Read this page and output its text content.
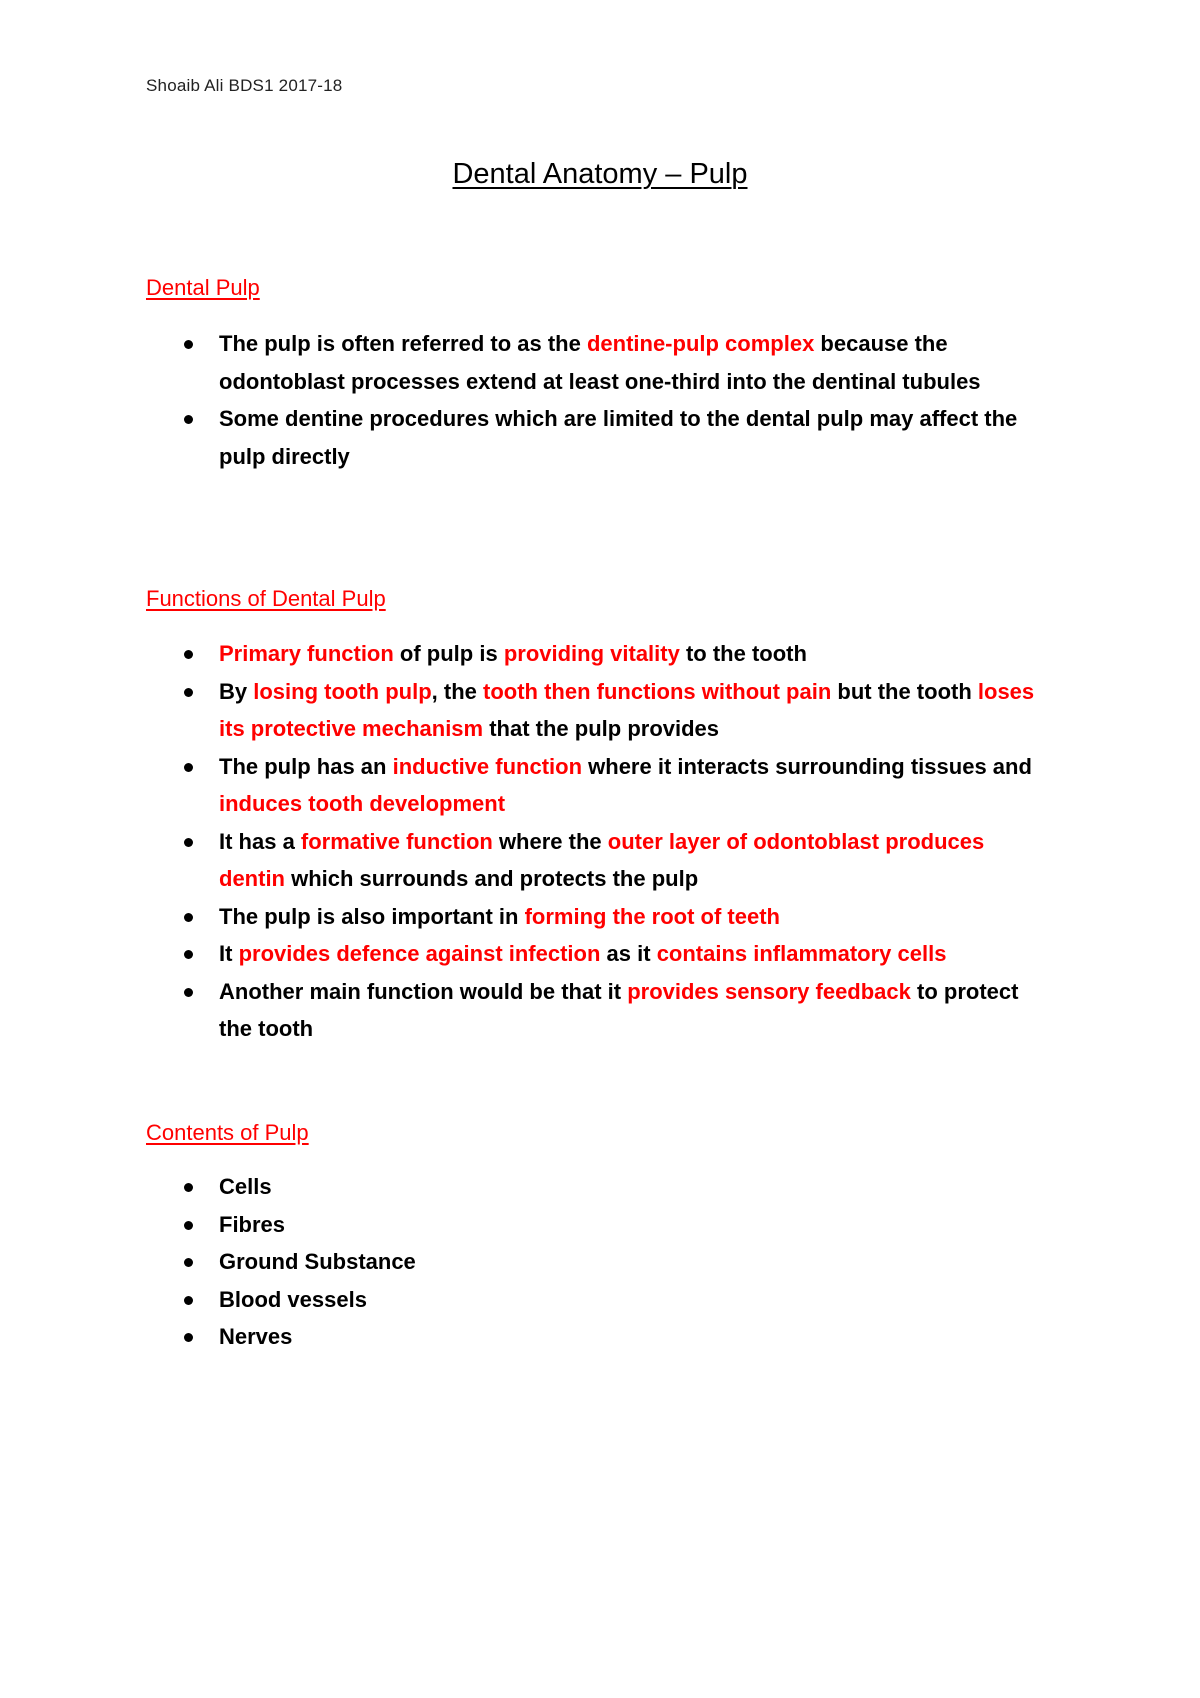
Shoaib Ali BDS1 2017-18
Dental Anatomy – Pulp
Dental Pulp
The pulp is often referred to as the dentine-pulp complex because the odontoblast processes extend at least one-third into the dentinal tubules
Some dentine procedures which are limited to the dental pulp may affect the pulp directly
Functions of Dental Pulp
Primary function of pulp is providing vitality to the tooth
By losing tooth pulp, the tooth then functions without pain but the tooth loses its protective mechanism that the pulp provides
The pulp has an inductive function where it interacts surrounding tissues and induces tooth development
It has a formative function where the outer layer of odontoblast produces dentin which surrounds and protects the pulp
The pulp is also important in forming the root of teeth
It provides defence against infection as it contains inflammatory cells
Another main function would be that it provides sensory feedback to protect the tooth
Contents of Pulp
Cells
Fibres
Ground Substance
Blood vessels
Nerves
